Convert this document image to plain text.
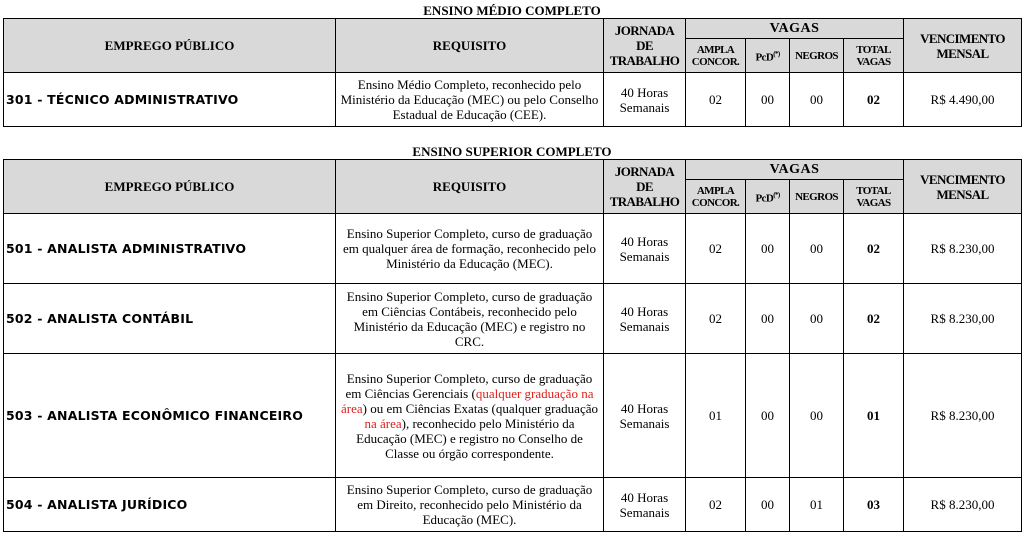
ENSINO MÉDIO COMPLETO
EMPREGO PÚBLICO	REQUISITO	JORNADA DE TRABALHO	VAGAS				VENCIMENTO MENSAL
			AMPLA CONCOR.	PcD(*)	NEGROS	TOTAL VAGAS	
301 - TÉCNICO ADMINISTRATIVO	Ensino Médio Completo, reconhecido pelo Ministério da Educação (MEC) ou pelo Conselho Estadual de Educação (CEE).	40 Horas Semanais	02	00	00	02	R$ 4.490,00
ENSINO SUPERIOR COMPLETO
EMPREGO PÚBLICO	REQUISITO	JORNADA DE TRABALHO	VAGAS				VENCIMENTO MENSAL
			AMPLA CONCOR.	PcD(*)	NEGROS	TOTAL VAGAS	
501 - ANALISTA ADMINISTRATIVO	Ensino Superior Completo, curso de graduação em qualquer área de formação, reconhecido pelo Ministério da Educação (MEC).	40 Horas Semanais	02	00	00	02	R$ 8.230,00
502 - ANALISTA CONTÁBIL	Ensino Superior Completo, curso de graduação em Ciências Contábeis, reconhecido pelo Ministério da Educação (MEC) e registro no CRC.	40 Horas Semanais	02	00	00	02	R$ 8.230,00
503 - ANALISTA ECONÔMICO FINANCEIRO	Ensino Superior Completo, curso de graduação em Ciências Gerenciais (qualquer graduação na área) ou em Ciências Exatas (qualquer graduação na área), reconhecido pelo Ministério da Educação (MEC) e registro no Conselho de Classe ou órgão correspondente.	40 Horas Semanais	01	00	00	01	R$ 8.230,00
504 - ANALISTA JURÍDICO	Ensino Superior Completo, curso de graduação em Direito, reconhecido pelo Ministério da Educação (MEC).	40 Horas Semanais	02	00	01	03	R$ 8.230,00
